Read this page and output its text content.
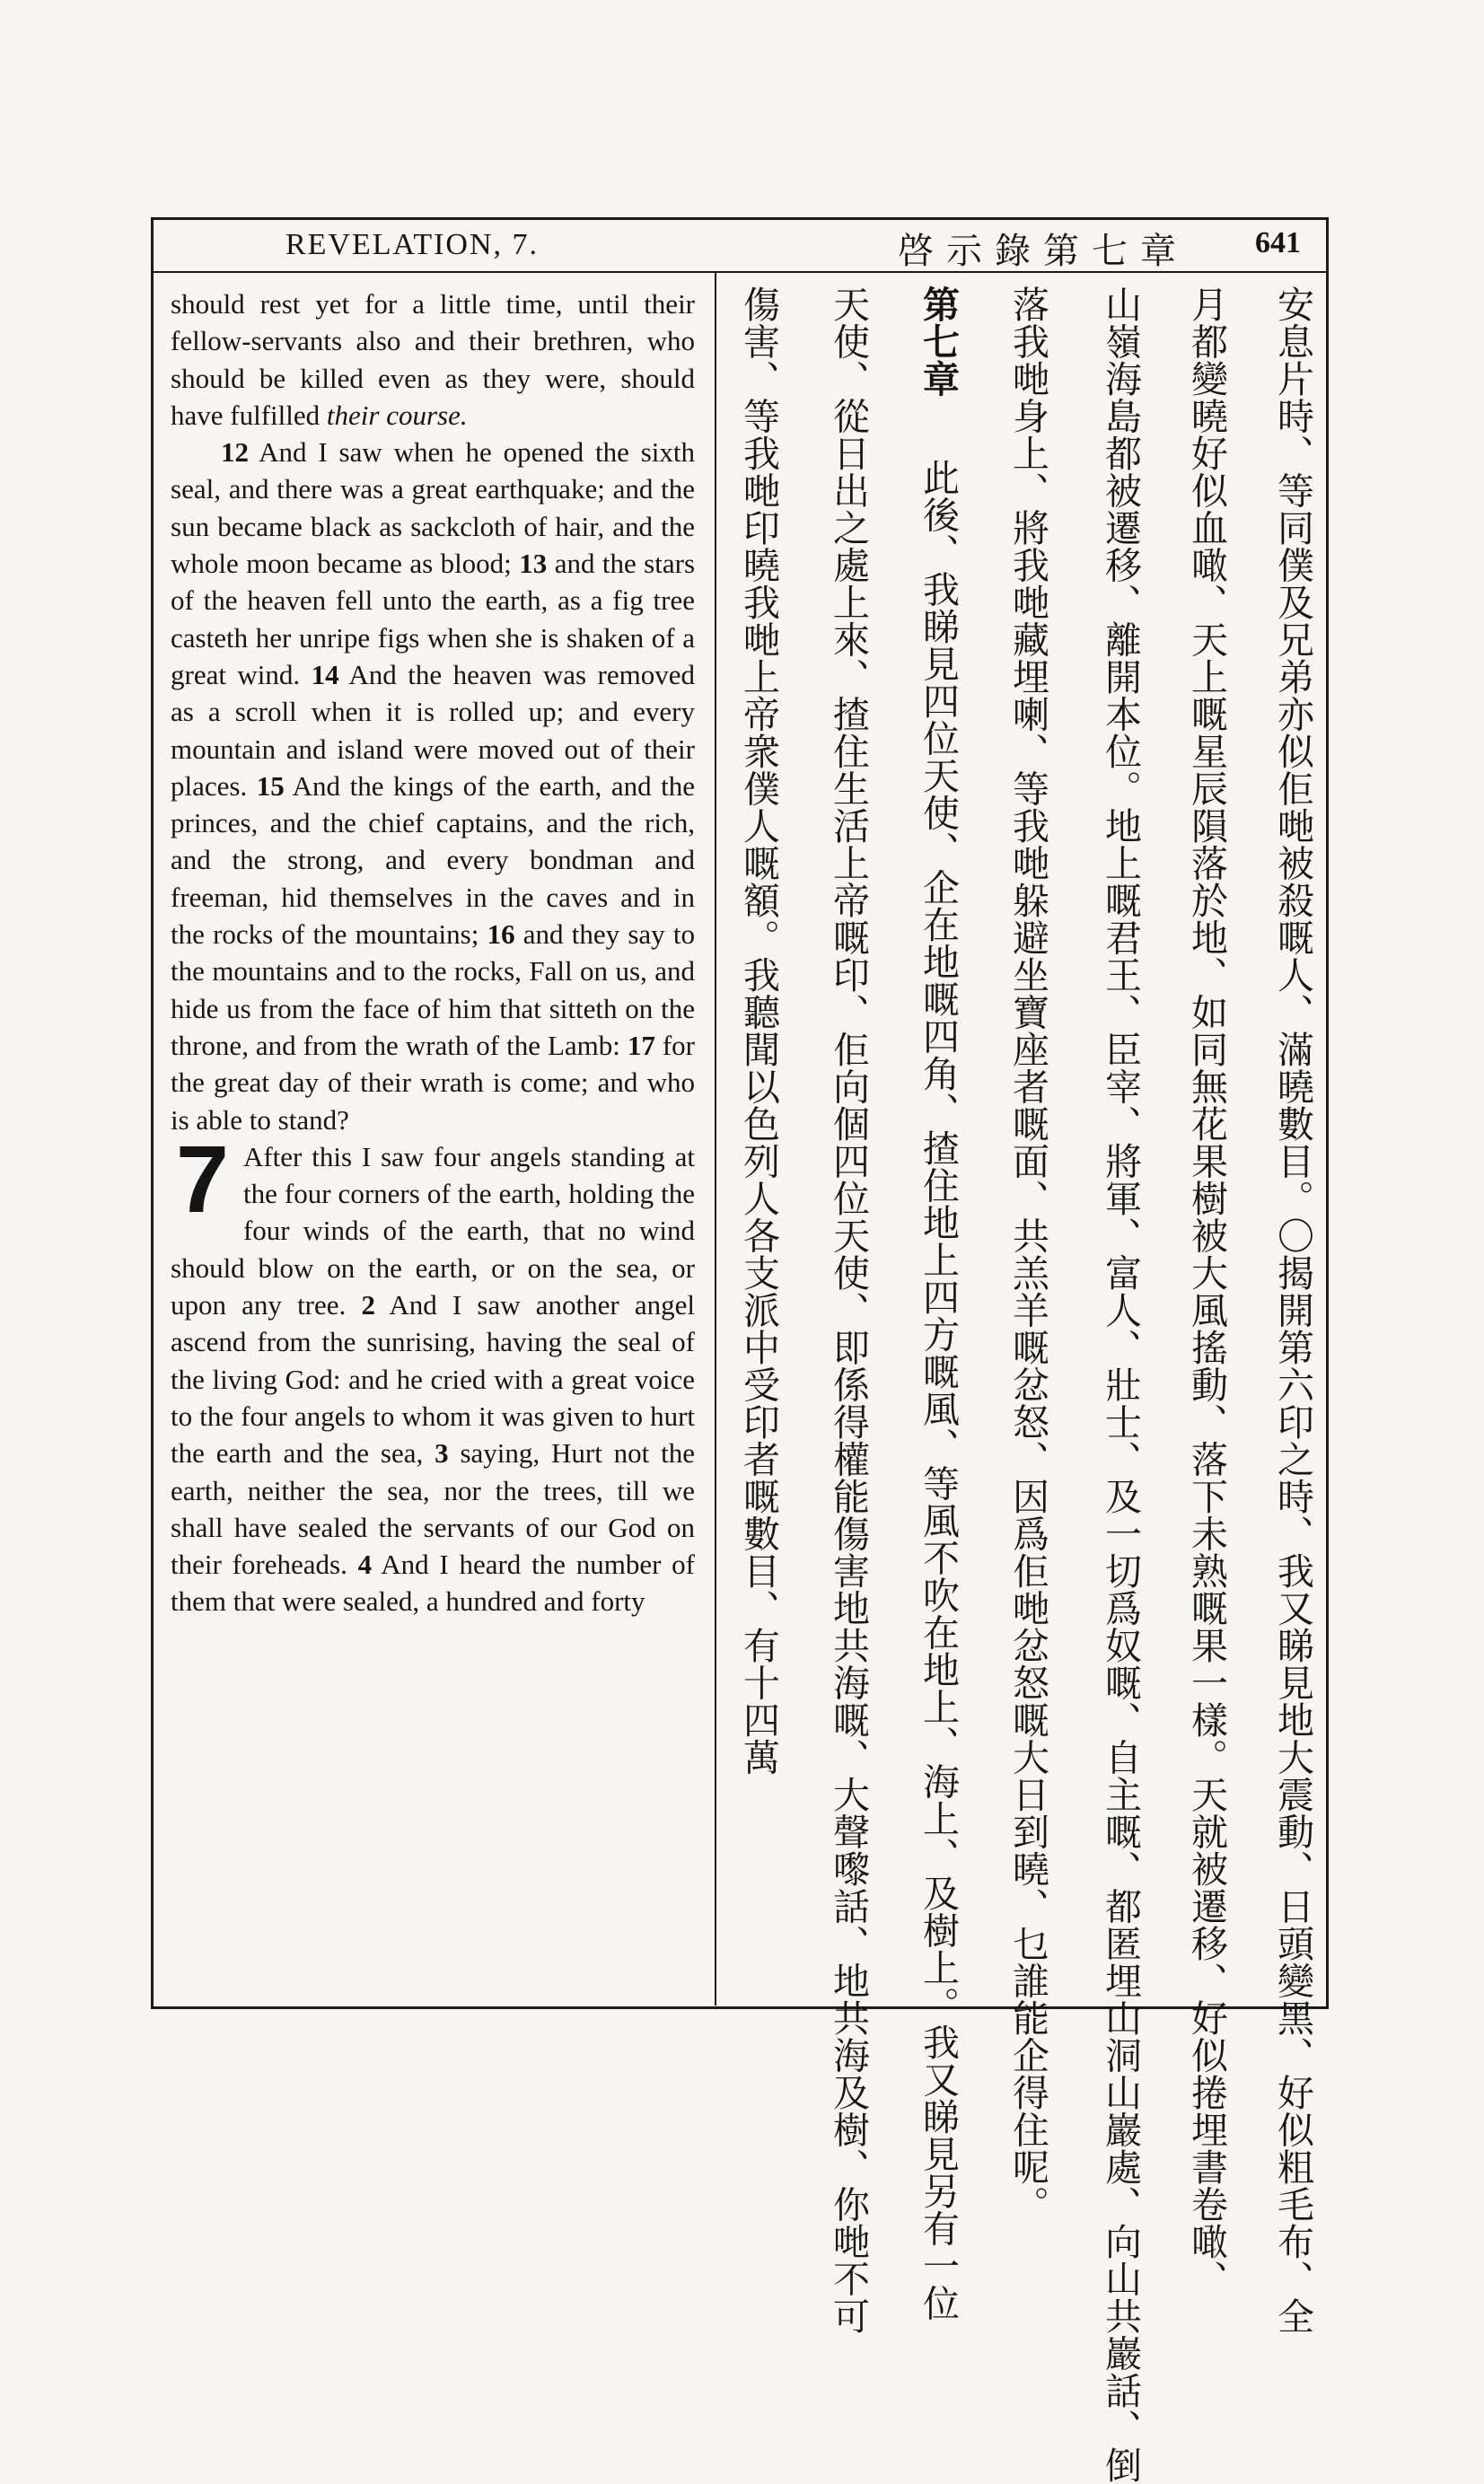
REVELATION, 7.	啓示錄第七章 641

should rest yet for a little time, until their fellow-servants also and their brethren, who should be killed even as they were, should have fulfilled their course.

12 And I saw when he opened the sixth seal, and there was a great earthquake; and the sun became black as sackcloth of hair, and the whole moon became as blood; 13 and the stars of the heaven fell unto the earth, as a fig tree casteth her unripe figs when she is shaken of a great wind. 14 And the heaven was removed as a scroll when it is rolled up; and every mountain and island were moved out of their places. 15 And the kings of the earth, and the princes, and the chief captains, and the rich, and the strong, and every bondman and freeman, hid themselves in the caves and in the rocks of the mountains; 16 and they say to the mountains and to the rocks, Fall on us, and hide us from the face of him that sitteth on the throne, and from the wrath of the Lamb: 17 for the great day of their wrath is come; and who is able to stand?

7 After this I saw four angels standing at the four corners of the earth, holding the four winds of the earth, that no wind should blow on the earth, or on the sea, or upon any tree. 2 And I saw another angel ascend from the sunrising, having the seal of the living God: and he cried with a great voice to the four angels to whom it was given to hurt the earth and the sea, 3 saying, Hurt not the earth, neither the sea, nor the trees, till we shall have sealed the servants of our God on their foreheads. 4 And I heard the number of them that were sealed, a hundred and forty	安息片時、等同僕及兄弟亦似佢哋被殺嘅人、滿曉數目。〇揭開第六印之時、我又睇見地大震動、日頭變黑、好似粗毛布、全
月都變曉好似血噉、天上嘅星辰隕落於地、如同無花果樹被大風搖動、落下未熟嘅果一樣。天就被遷移、好似捲埋書卷噉、
山嶺海島都被遷移、離開本位。地上嘅君王、臣宰、將軍、富人、壯士、及一切爲奴嘅、自主嘅、都匿埋山洞山巖處、向山共巖話、倒
落我哋身上、將我哋藏埋喇、等我哋躲避坐寶座者嘅面、共羔羊嘅忿怒、因爲佢哋忿怒嘅大日到曉、乜誰能企得住呢。
第七章 此後、我睇見四位天使、企在地嘅四角、揸住地上四方嘅風、等風不吹在地上、海上、及樹上。我又睇見另有一位
天使、從日出之處上來、揸住生活上帝嘅印、佢向個四位天使、即係得權能傷害地共海嘅、大聲嚟話、地共海及樹、你哋不可
傷害、等我哋印曉我哋上帝衆僕人嘅額。我聽聞以色列人各支派中受印者嘅數目、有十四萬
